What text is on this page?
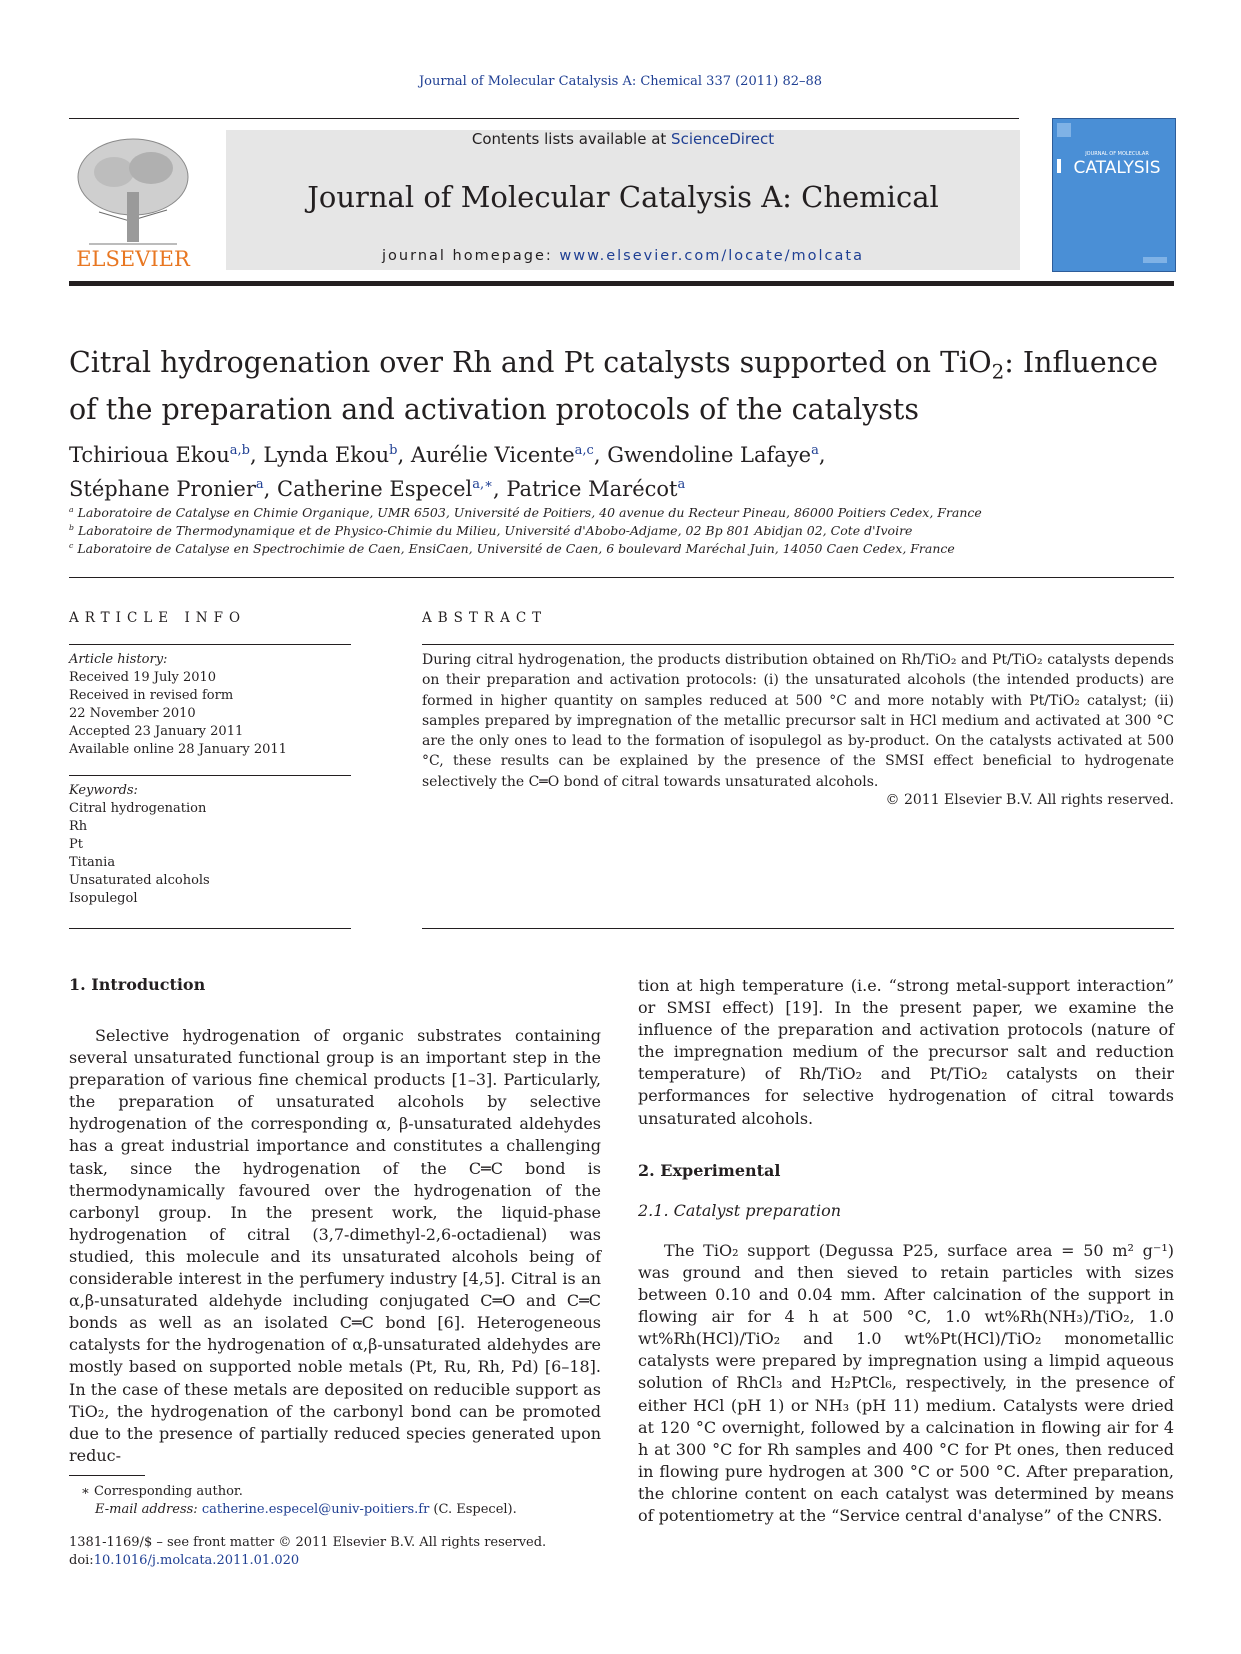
Journal of Molecular Catalysis A: Chemical 337 (2011) 82–88
ELSEVIER
Contents lists available at ScienceDirect
Journal of Molecular Catalysis A: Chemical
journal homepage: www.elsevier.com/locate/molcata
JOURNAL OF MOLECULAR
CATALYSIS
Citral hydrogenation over Rh and Pt catalysts supported on TiO$_2$: Influence of the preparation and activation protocols of the catalysts
Tchirioua Ekou$^{a,b}$, Lynda Ekou$^b$, Aurélie Vicente$^{a,c}$, Gwendoline Lafaye$^a$,
Stéphane Pronier$^a$, Catherine Especel$^{a,∗}$, Patrice Marécot$^a$
$^a$ Laboratoire de Catalyse en Chimie Organique, UMR 6503, Université de Poitiers, 40 avenue du Recteur Pineau, 86000 Poitiers Cedex, France
$^b$ Laboratoire de Thermodynamique et de Physico-Chimie du Milieu, Université d'Abobo-Adjame, 02 Bp 801 Abidjan 02, Cote d'Ivoire
$^c$ Laboratoire de Catalyse en Spectrochimie de Caen, EnsiCaen, Université de Caen, 6 boulevard Maréchal Juin, 14050 Caen Cedex, France
ARTICLE INFO
Article history:
Received 19 July 2010
Received in revised form
22 November 2010
Accepted 23 January 2011
Available online 28 January 2011
Keywords:
Citral hydrogenation
Rh
Pt
Titania
Unsaturated alcohols
Isopulegol
ABSTRACT
During citral hydrogenation, the products distribution obtained on Rh/TiO₂ and Pt/TiO₂ catalysts depends on their preparation and activation protocols: (i) the unsaturated alcohols (the intended products) are formed in higher quantity on samples reduced at 500 °C and more notably with Pt/TiO₂ catalyst; (ii) samples prepared by impregnation of the metallic precursor salt in HCl medium and activated at 300 °C are the only ones to lead to the formation of isopulegol as by-product. On the catalysts activated at 500 °C, these results can be explained by the presence of the SMSI effect beneficial to hydrogenate selectively the C═O bond of citral towards unsaturated alcohols.
© 2011 Elsevier B.V. All rights reserved.
1. Introduction

Selective hydrogenation of organic substrates containing several unsaturated functional group is an important step in the preparation of various fine chemical products [1–3]. Particularly, the preparation of unsaturated alcohols by selective hydrogenation of the corresponding α, β-unsaturated aldehydes has a great industrial importance and constitutes a challenging task, since the hydrogenation of the C═C bond is thermodynamically favoured over the hydrogenation of the carbonyl group. In the present work, the liquid-phase hydrogenation of citral (3,7-dimethyl-2,6-octadienal) was studied, this molecule and its unsaturated alcohols being of considerable interest in the perfumery industry [4,5]. Citral is an α,β-unsaturated aldehyde including conjugated C═O and C═C bonds as well as an isolated C═C bond [6]. Heterogeneous catalysts for the hydrogenation of α,β-unsaturated aldehydes are mostly based on supported noble metals (Pt, Ru, Rh, Pd) [6–18]. In the case of these metals are deposited on reducible support as TiO₂, the hydrogenation of the carbonyl bond can be promoted due to the presence of partially reduced species generated upon reduc-

tion at high temperature (i.e. “strong metal-support interaction” or SMSI effect) [19]. In the present paper, we examine the influence of the preparation and activation protocols (nature of the impregnation medium of the precursor salt and reduction temperature) of Rh/TiO₂ and Pt/TiO₂ catalysts on their performances for selective hydrogenation of citral towards unsaturated alcohols.

2. Experimental
2.1. Catalyst preparation

The TiO₂ support (Degussa P25, surface area = 50 m² g⁻¹) was ground and then sieved to retain particles with sizes between 0.10 and 0.04 mm. After calcination of the support in flowing air for 4 h at 500 °C, 1.0 wt%Rh(NH₃)/TiO₂, 1.0 wt%Rh(HCl)/TiO₂ and 1.0 wt%Pt(HCl)/TiO₂ monometallic catalysts were prepared by impregnation using a limpid aqueous solution of RhCl₃ and H₂PtCl₆, respectively, in the presence of either HCl (pH 1) or NH₃ (pH 11) medium. Catalysts were dried at 120 °C overnight, followed by a calcination in flowing air for 4 h at 300 °C for Rh samples and 400 °C for Pt ones, then reduced in flowing pure hydrogen at 300 °C or 500 °C. After preparation, the chlorine content on each catalyst was determined by means of potentiometry at the “Service central d'analyse” of the CNRS.

∗ Corresponding author.
E-mail address: catherine.especel@univ-poitiers.fr (C. Especel).
1381-1169/$ – see front matter © 2011 Elsevier B.V. All rights reserved.
doi:10.1016/j.molcata.2011.01.020
